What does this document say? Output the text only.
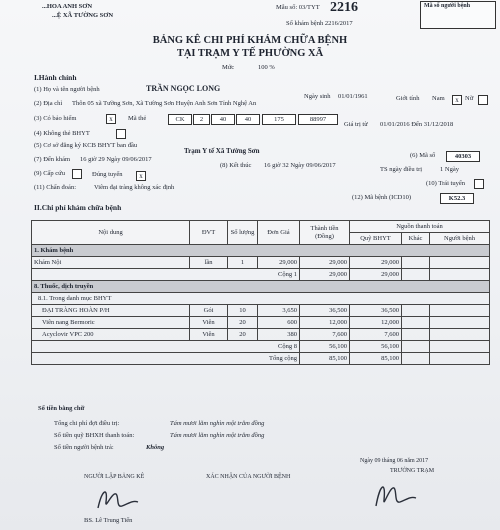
...HOA ANH SƠN
...Ệ XÃ TƯỜNG SƠN
Mẫu số: 03/TYT 2216
Số khám bệnh 2216/2017
Mã số người bệnh
BẢNG KÊ CHI PHÍ KHÁM CHỮA BỆNH
TẠI TRẠM Y TẾ PHƯỜNG XÃ
Mức	100 %
I.Hành chính
(1) Họ và tên người bệnh	TRẦN NGỌC LONG
Ngày sinh 01/01/1961	Giới tính Nam	x Nữ
(2) Địa chỉ Thôn 05 xã Tường Sơn, Xã Tường Sơn Huyện Anh Sơn Tỉnh Nghệ An
(3) Có bảo hiểm	x	Mã thẻ	CK	2	40	40	175	88997
Giá trị từ 01/01/2016 Đến 31/12/2018
(4) Không thẻ BHYT
(5) Cơ sở đăng ký KCB BHYT ban đầu
Trạm Y tế Xã Tường Sơn
(6) Mã số	40303
(7) Đến khám 16 giờ 29 Ngày 09/06/2017
(8) Kết thúc 16 giờ 32 Ngày 09/06/2017
TS ngày điều trị	1 Ngày
(9) Cấp cứu	Đúng tuyến	x
(10) Trái tuyến
(11) Chẩn đoán:	Viêm đại tràng không xác định
(12) Mã bệnh (ICD10)	K52.3
II.Chi phí khám chữa bệnh
Nội dung	ĐVT	Số lượng	Đơn Giá	Thành tiền (Đồng)	Nguồn thanh toán		
					Quỹ BHYT	Khác	Người bệnh
1. Khám bệnh							
Khám Nội	lần	1	29,000	29,000	29,000		
Cộng 1				29,000	29,000		
8. Thuốc, dịch truyền							
8.1. Trong danh mục BHYT							
ĐẠI TRÀNG HOÀN P/H	Gói	10	3,650	36,500	36,500		
Viên nang Bermoric	Viên	20	600	12,000	12,000		
Acyclovir VPC 200	Viên	20	380	7,600	7,600		
Cộng 8				56,100	56,100		
Tổng cộng				85,100	85,100		
Số tiền bằng chữ
Tổng chi phí đợt điều trị:	Tám mươi lăm nghìn một trăm đồng
Số tiền quỹ BHXH thanh toán:	Tám mươi lăm nghìn một trăm đồng
Số tiền người bệnh trả:	Không
Ngày 09 tháng 06 năm 2017
NGƯỜI LẬP BẢNG KÊ	XÁC NHẬN CỦA NGƯỜI BỆNH
TRƯỞNG TRẠM
BS. Lê Trung Tiến
